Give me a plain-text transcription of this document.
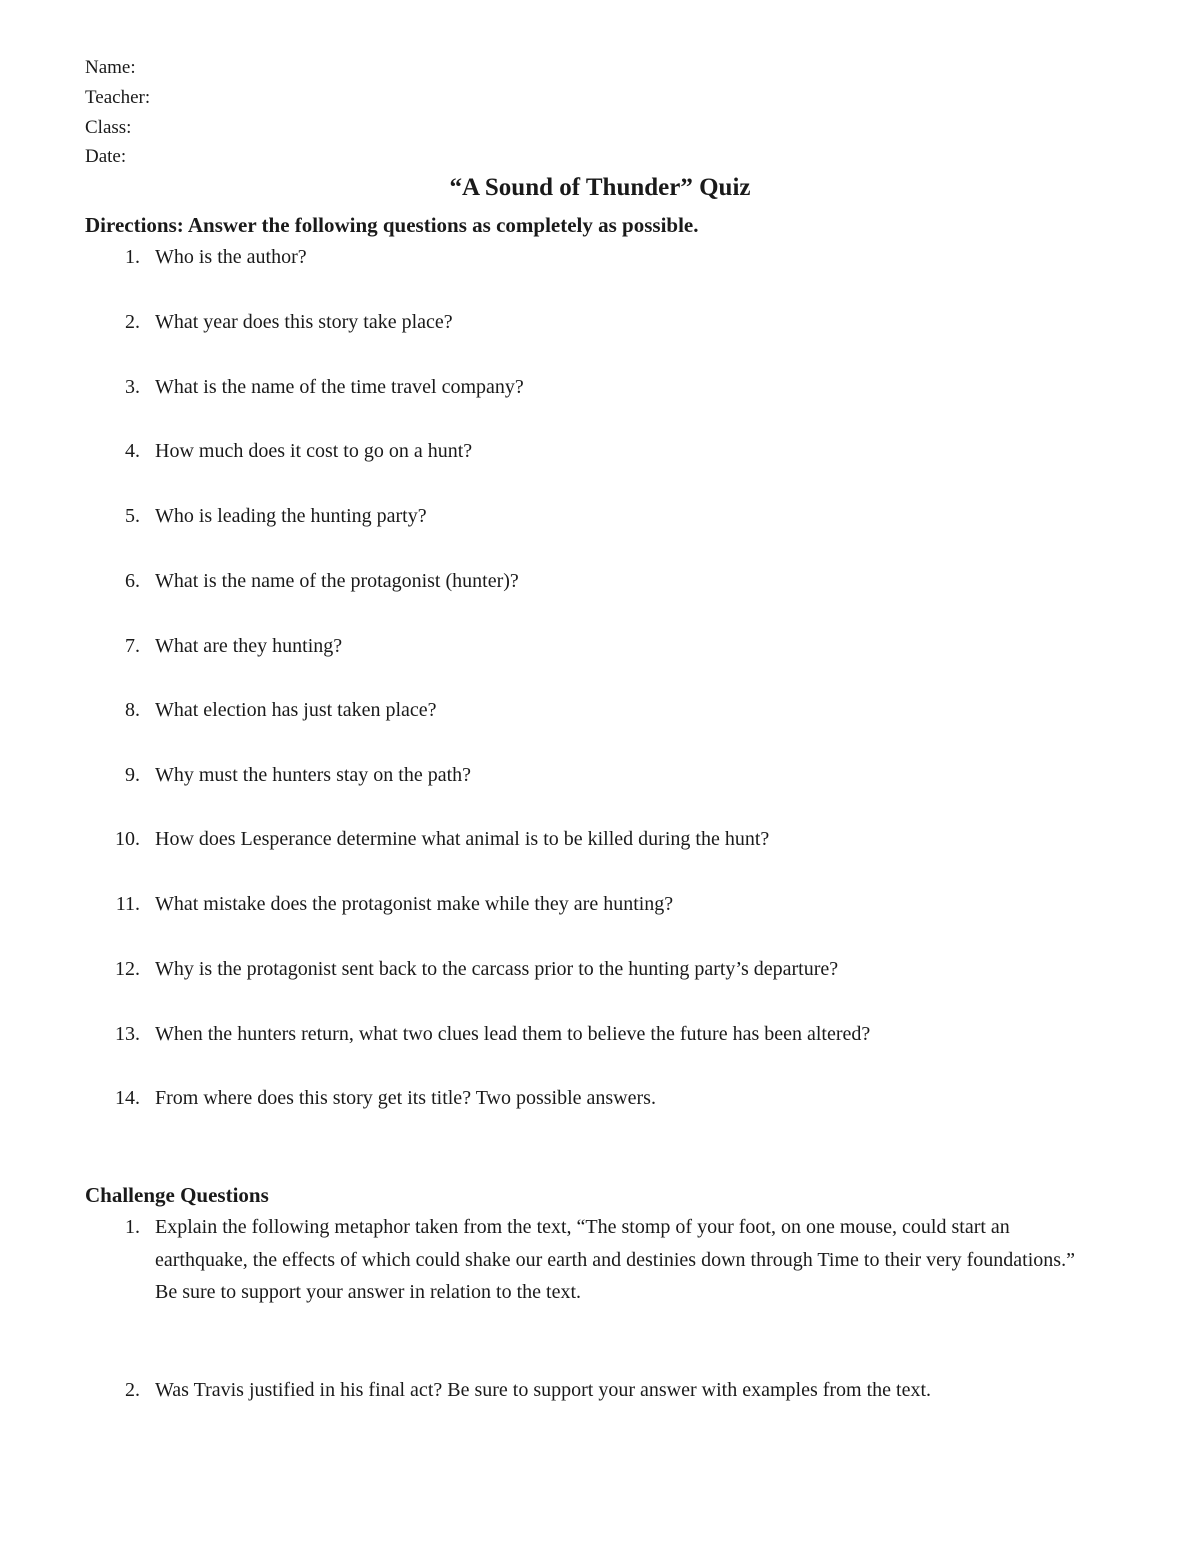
Name:
Teacher:
Class:
Date:
“A Sound of Thunder” Quiz
Directions: Answer the following questions as completely as possible.
1. Who is the author?
2. What year does this story take place?
3. What is the name of the time travel company?
4. How much does it cost to go on a hunt?
5. Who is leading the hunting party?
6. What is the name of the protagonist (hunter)?
7. What are they hunting?
8. What election has just taken place?
9. Why must the hunters stay on the path?
10. How does Lesperance determine what animal is to be killed during the hunt?
11. What mistake does the protagonist make while they are hunting?
12. Why is the protagonist sent back to the carcass prior to the hunting party’s departure?
13. When the hunters return, what two clues lead them to believe the future has been altered?
14. From where does this story get its title? Two possible answers.
Challenge Questions
1. Explain the following metaphor taken from the text, “The stomp of your foot, on one mouse, could start an earthquake, the effects of which could shake our earth and destinies down through Time to their very foundations.” Be sure to support your answer in relation to the text.
2. Was Travis justified in his final act? Be sure to support your answer with examples from the text.
